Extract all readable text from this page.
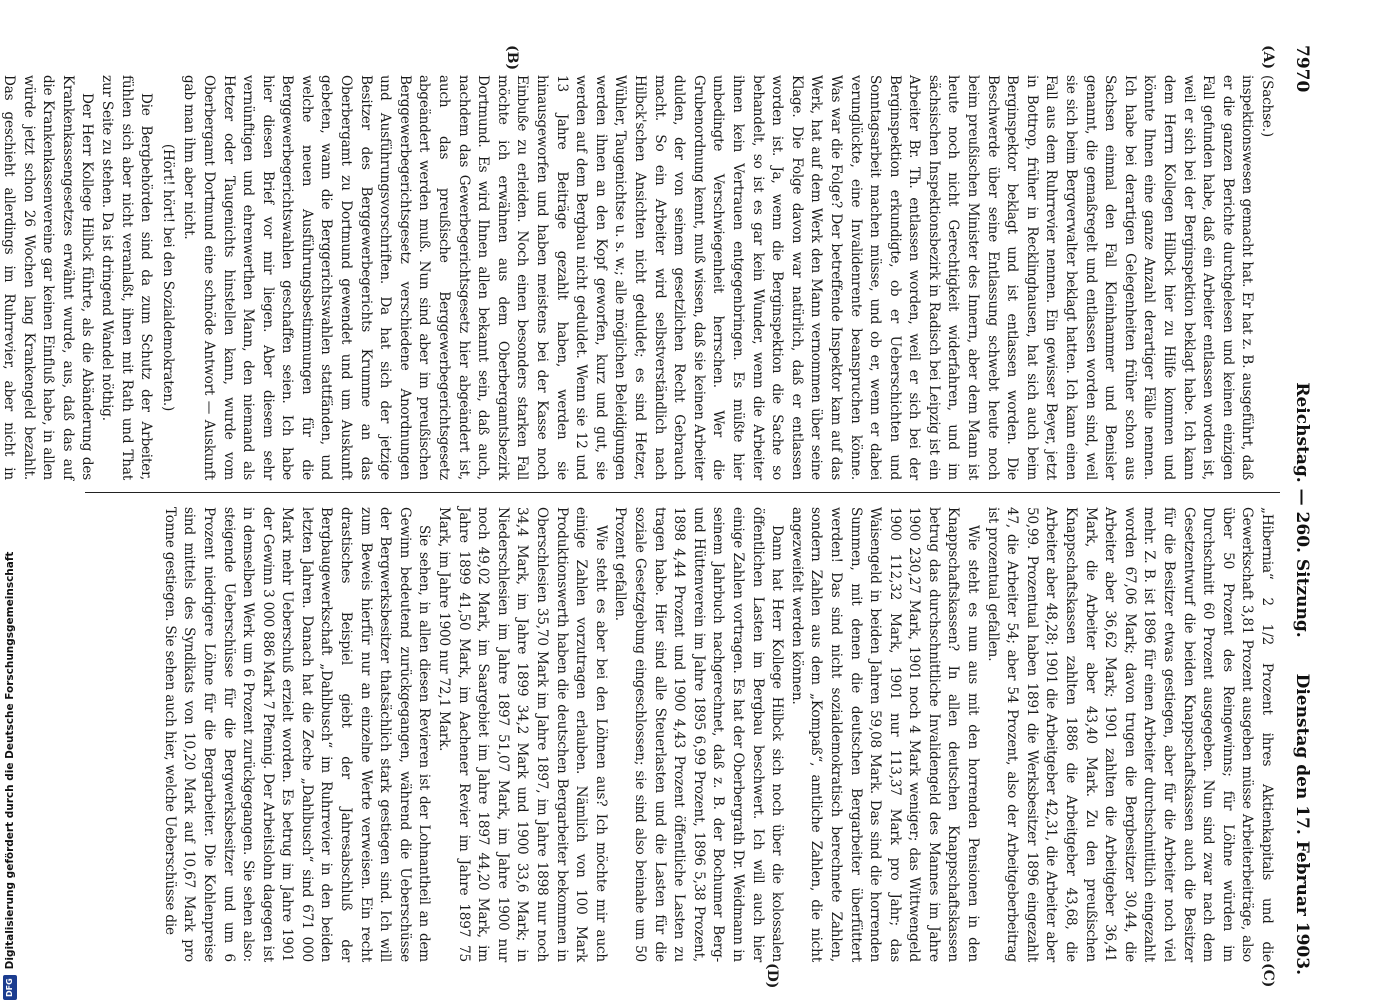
7970
Reichstag. — 260. Sitzung.
Dienstag den 17. Februar 1903.
(A)
(B)
(C)
(D)

(Sachse.)

inspektionswesen gemacht hat. Er hat z. B. ausgeführt, daß er die ganzen Berichte durchgelesen und keinen einzigen Fall gefunden habe, daß ein Arbeiter entlassen worden ist, weil er sich bei der Berginspektion beklagt habe. Ich kann dem Herrn Kollegen Hilbck hier zu Hilfe kommen und könnte Ihnen eine ganze Anzahl derartiger Fälle nennen. Ich habe bei derartigen Gelegenheiten früher schon aus Sachsen einmal den Fall Kleinhammer und Benisler genannt, die gemaßregelt und entlassen worden sind, weil sie sich beim Bergverwalter beklagt hatten. Ich kann einen Fall aus dem Ruhrrevier nennen. Ein gewisser Beyer, jetzt in Bottrop, früher in Recklinghausen, hat sich auch beim Berginspektor beklagt und ist entlassen worden. Die Beschwerde über seine Entlassung schwebt heute noch beim preußischen Minister des Innern, aber dem Mann ist heute noch nicht Gerechtigkeit widerfahren, und im sächsischen Inspektionsbezirk in Radisch bei Leipzig ist ein Arbeiter Br. Th. entlassen worden, weil er sich bei der Berginspektion erkundigte, ob er Ueberschichten und Sonntagsarbeit machen müsse, und ob er, wenn er dabei verunglückte, eine Invalidenrente beanspruchen könne. Was war die Folge? Der betreffende Inspektor kam auf das Werk, hat auf dem Werk den Mann vernommen über seine Klage. Die Folge davon war natürlich, daß er entlassen worden ist. Ja, wenn die Berginspektion die Sache so behandelt, so ist es gar kein Wunder, wenn die Arbeiter ihnen kein Vertrauen entgegenbringen. Es müßte hier unbedingte Verschwiegenheit herrschen. Wer die Grubenordnung kennt, muß wissen, daß sie keinen Arbeiter dulden, der von seinem gesetzlichen Recht Gebrauch macht. So ein Arbeiter wird selbstverständlich nach Hilbck'schen Ansichten nicht geduldet; es sind Hetzer, Wühler, Taugenichtse u. s. w.; alle möglichen Beleidigungen werden ihnen an den Kopf geworfen, kurz und gut, sie werden auf dem Bergbau nicht geduldet. Wenn sie 12 und 13 Jahre Beiträge gezahlt haben, werden sie hinausgeworfen und haben meistens bei der Kasse noch Einbuße zu erleiden. Noch einen besonders starken Fall möchte ich erwähnen aus dem Oberbergamtsbezirk Dortmund. Es wird Ihnen allen bekannt sein, daß auch, nachdem das Gewerbegerichtsgesetz hier abgeändert ist, auch das preußische Berggewerbegerichtsgesetz abgeändert werden muß. Nun sind aber im preußischen Berggewerbegerichtsgesetz verschiedene Anordnungen und Ausführungsvorschriften. Da hat sich der jetzige Besitzer des Berggewerbegerichts Krumme an das Oberbergamt zu Dortmund gewendet und um Auskunft gebeten, wann die Berggerichtswahlen stattfänden, und welche neuen Ausführungsbestimmungen für die Berggewerbegerichtswahlen geschaffen seien. Ich habe hier diesen Brief vor mir liegen. Aber diesem sehr vernünftigen und ehrenwerthen Mann, den niemand als Hetzer oder Taugenichts hinstellen kann, wurde vom Oberbergamt Dortmund eine schnöde Antwort — Auskunft gab man ihm aber nicht.

(Hört! hört! bei den Sozialdemokraten.)

Die Bergbehörden sind da zum Schutz der Arbeiter, fühlen sich aber nicht veranlaßt, ihnen mit Rath und That zur Seite zu stehen. Da ist dringend Wandel nöthig.

Der Herr Kollege Hilbck führte, als die Abänderung des Krankenkassengesetzes erwähnt wurde, aus, daß das auf die Krankenkassenvereine gar keinen Einfluß habe, in allen würde jetzt schon 26 Wochen lang Krankengeld bezahlt. Das geschieht allerdings im Ruhrrevier, aber nicht in

„Hibernia“ 2 1/2 Prozent ihres Aktienkapitals und die Gewerkschaft 3,81 Prozent ausgeben müsse Arbeiterbeiträge, also über 50 Prozent des Reingewinns; für Löhne würden im Durchschnitt 60 Prozent ausgegeben. Nun sind zwar nach dem Gesetzentwurf die beiden Knappschaftskassen auch die Besitzer für die Besitzer etwas gestiegen, aber für die Arbeiter noch viel mehr. Z. B. ist 1896 für einen Arbeiter durchschnittlich eingezahlt worden 67,06 Mark; davon trugen die Bergbesitzer 30,44, die Arbeiter aber 36,62 Mark; 1901 zahlten die Arbeitgeber 36,41 Mark, die Arbeiter aber 43,40 Mark. Zu den preußischen Knappschaftskassen zahlten 1886 die Arbeitgeber 43,68, die Arbeiter aber 48,28; 1901 die Arbeitgeber 42,31, die Arbeiter aber 50,99. Prozentual haben 1891 die Werksbesitzer 1896 eingezahlt 47, die Arbeiter 54; aber 54 Prozent, also der Arbeitgeberbeitrag ist prozentual gefallen.

Wie steht es nun aus mit den horrenden Pensionen in den Knappschaftskassen? In allen deutschen Knappschaftskassen betrug das durchschnittliche Invalidengeld des Mannes im Jahre 1900 230,27 Mark, 1901 noch 4 Mark weniger; das Wittwengeld 1900 112,32 Mark, 1901 nur 113,37 Mark pro Jahr; das Waisengeld in beiden Jahren 59,08 Mark. Das sind die horrenden Summen, mit denen die deutschen Bergarbeiter überfüttert werden! Das sind nicht sozialdemokratisch berechnete Zahlen, sondern Zahlen aus dem „Kompaß“, amtliche Zahlen, die nicht angezweifelt werden können.

Dann hat Herr Kollege Hilbck sich noch über die kolossalen öffentlichen Lasten im Bergbau beschwert. Ich will auch hier einige Zahlen vortragen. Es hat der Oberbergrath Dr. Weidmann in seinem Jahrbuch nachgerechnet, daß z. B. der Bochumer Berg- und Hüttenverein im Jahre 1895 6,99 Prozent, 1896 5,38 Prozent, 1898 4,44 Prozent und 1900 4,43 Prozent öffentliche Lasten zu tragen habe. Hier sind alle Steuerlasten und die Lasten für die soziale Gesetzgebung eingeschlossen; sie sind also beinahe um 50 Prozent gefallen.

Wie steht es aber bei den Löhnen aus? Ich möchte mir auch einige Zahlen vorzutragen erlauben. Nämlich von 100 Mark Produktionswerth haben die deutschen Bergarbeiter bekommen in Oberschlesien 35,70 Mark im Jahre 1897, im Jahre 1898 nur noch 34,4 Mark, im Jahre 1899 34,2 Mark und 1900 33,6 Mark; in Niederschlesien im Jahre 1897 51,07 Mark, im Jahre 1900 nur noch 49,02 Mark, im Saargebiet im Jahre 1897 44,20 Mark, im Jahre 1899 41,50 Mark, im Aachener Revier im Jahre 1897 75 Mark, im Jahre 1900 nur 72,1 Mark.

Sie sehen, in allen diesen Revieren ist der Lohnantheil an dem Gewinn bedeutend zurückgegangen, während die Ueberschüsse der Bergwerksbesitzer thatsächlich stark gestiegen sind. Ich will zum Beweis hierfür nur an einzelne Werte verweisen. Ein recht drastisches Beispiel giebt der Jahresabschluß der Bergbaugewerkschaft „Dahlbusch“ im Ruhrrevier in den beiden letzten Jahren. Danach hat die Zeche „Dahlbusch“ sind 671 000 Mark mehr Ueberschuß erzielt worden. Es betrug im Jahre 1901 der Gewinn 3 000 886 Mark 7 Pfennig. Der Arbeitslohn dagegen ist in demselben Werk um 6 Prozent zurückgegangen. Sie sehen also: steigende Ueberschüsse für die Bergwerksbesitzer und um 6 Prozent niedrigere Löhne für die Bergarbeiter. Die Kohlenpreise sind mittels des Syndikats von 10,20 Mark auf 10,67 Mark pro Tonne gestiegen. Sie sehen auch hier, welche Ueberschüsse die

DFGDigitalisierung gefördert durch die Deutsche Forschungsgemeinschaft
